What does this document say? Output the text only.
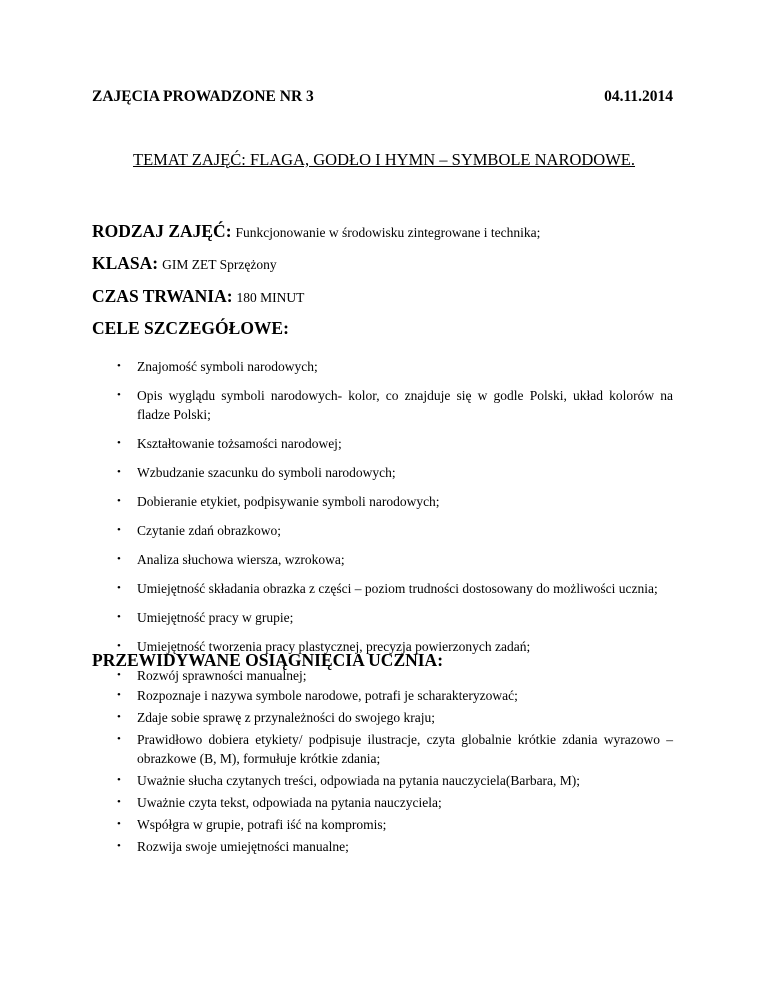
ZAJĘCIA PROWADZONE NR 3	04.11.2014
TEMAT ZAJĘĆ: FLAGA, GODŁO I HYMN – SYMBOLE NARODOWE.
RODZAJ ZAJĘĆ: Funkcjonowanie w środowisku zintegrowane i technika;
KLASA: GIM ZET Sprzężony
CZAS TRWANIA: 180 MINUT
CELE SZCZEGÓŁOWE:
• Znajomość symboli narodowych;
• Opis wyglądu symboli narodowych- kolor, co znajduje się w godle Polski, układ kolorów na fladze Polski;
• Kształtowanie tożsamości narodowej;
• Wzbudzanie szacunku do symboli narodowych;
• Dobieranie etykiet, podpisywanie symboli narodowych;
• Czytanie zdań obrazkowo;
• Analiza słuchowa wiersza, wzrokowa;
• Umiejętność składania obrazka z części – poziom trudności dostosowany do możliwości ucznia;
• Umiejętność pracy w grupie;
• Umiejętność tworzenia pracy plastycznej, precyzja powierzonych zadań;
• Rozwój sprawności manualnej;
PRZEWIDYWANE OSIĄGNIĘCIA UCZNIA:
• Rozpoznaje i nazywa symbole narodowe, potrafi je scharakteryzować;
• Zdaje sobie sprawę z przynależności do swojego kraju;
• Prawidłowo dobiera etykiety/ podpisuje ilustracje, czyta globalnie krótkie zdania wyrazowo – obrazkowe (B, M), formułuje krótkie zdania;
• Uważnie słucha czytanych treści, odpowiada na pytania nauczyciela(Barbara, M);
• Uważnie czyta tekst, odpowiada na pytania nauczyciela;
• Współgra w grupie, potrafi iść na kompromis;
• Rozwija swoje umiejętności manualne;
